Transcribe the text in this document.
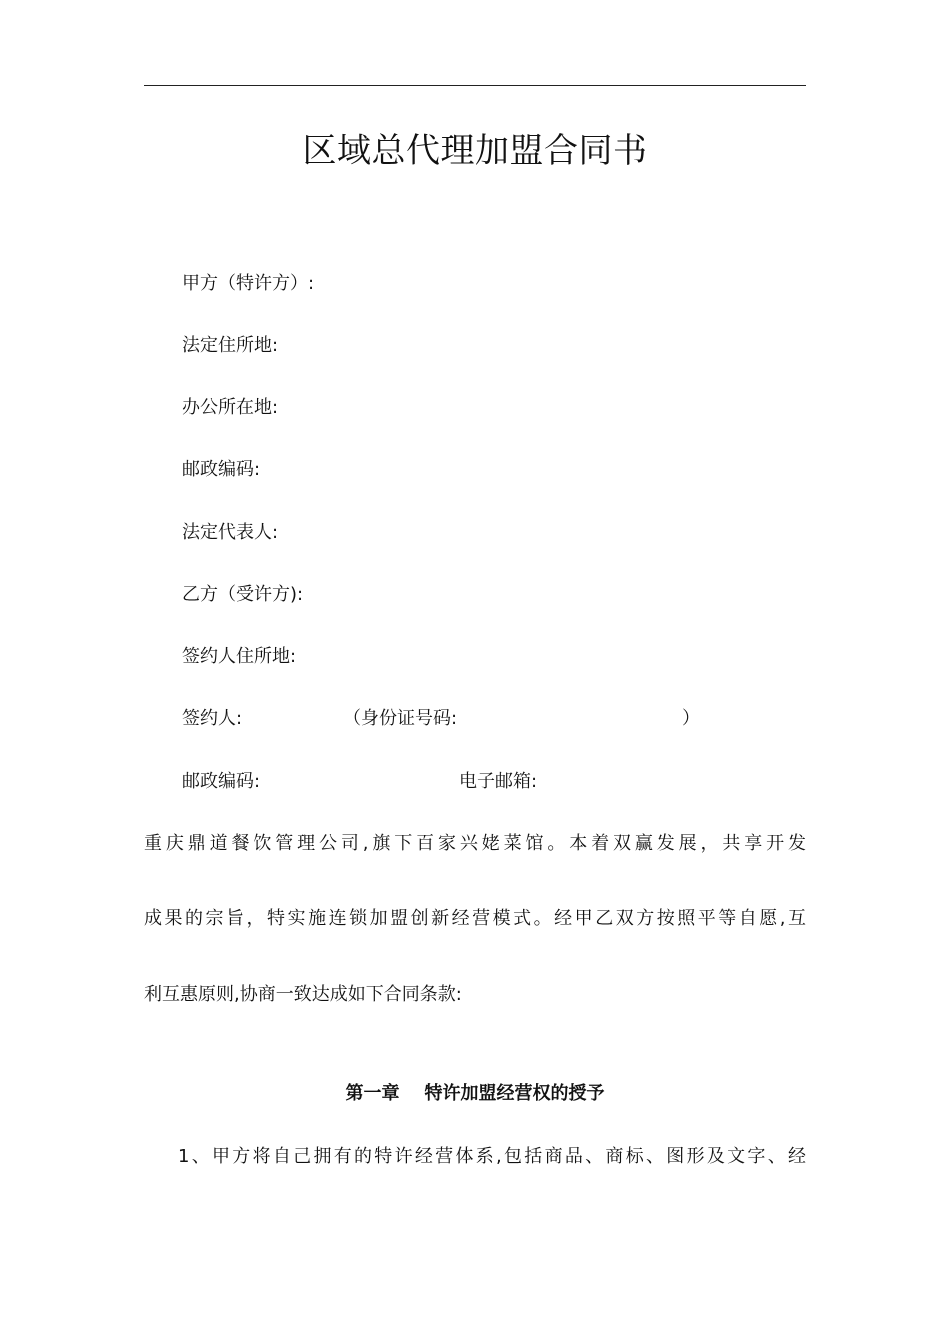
区域总代理加盟合同书
甲方（特许方）:
法定住所地:
办公所在地:
邮政编码:
法定代表人:
乙方（受许方):
签约人住所地:
签约人:	（身份证号码:	）
邮政编码:	电子邮箱:
重庆鼎道餐饮管理公司,旗下百家兴姥菜馆。本着双赢发展，共享开发
成果的宗旨，特实施连锁加盟创新经营模式。经甲乙双方按照平等自愿,互
利互惠原则,协商一致达成如下合同条款:
第一章    特许加盟经营权的授予
1、甲方将自己拥有的特许经营体系,包括商品、商标、图形及文字、经
